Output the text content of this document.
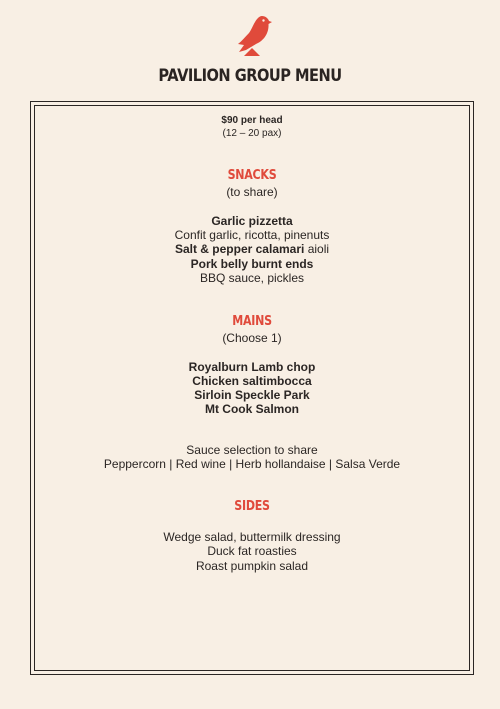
PAVILION GROUP MENU
$90 per head
(12 – 20 pax)
SNACKS
(to share)
Garlic pizzetta
Confit garlic, ricotta, pinenuts
Salt & pepper calamari aioli
Pork belly burnt ends
BBQ sauce, pickles
MAINS
(Choose 1)
Royalburn Lamb chop
Chicken saltimbocca
Sirloin Speckle Park
Mt Cook Salmon
Sauce selection to share
Peppercorn | Red wine | Herb hollandaise | Salsa Verde
SIDES
Wedge salad, buttermilk dressing
Duck fat roasties
Roast pumpkin salad
